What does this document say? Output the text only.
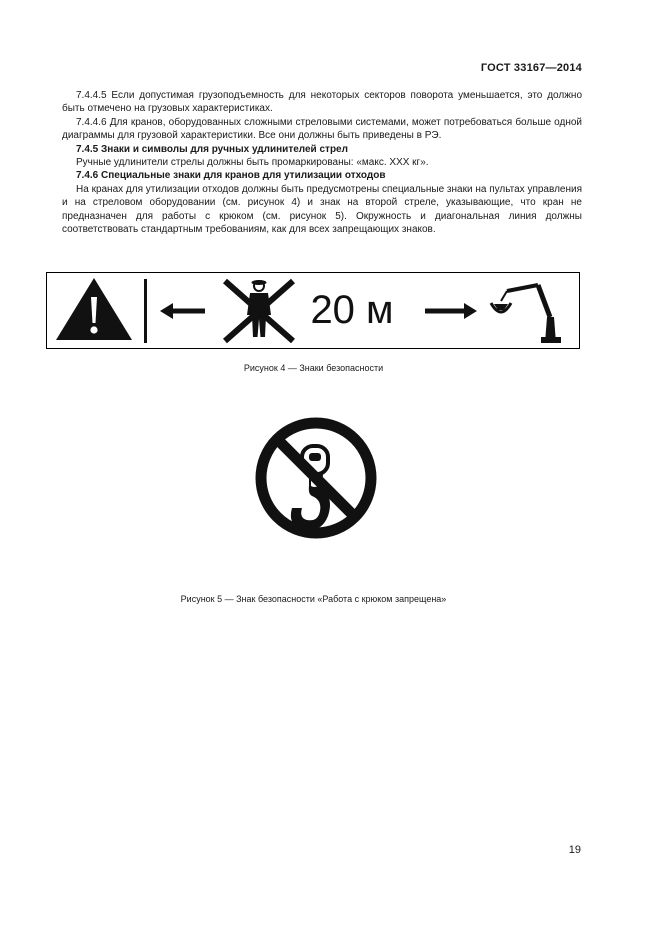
ГОСТ 33167—2014

7.4.4.5 Если допустимая грузоподъемность для некоторых секторов поворота уменьшается, это должно быть отмечено на грузовых характеристиках.

7.4.4.6 Для кранов, оборудованных сложными стреловыми системами, может потребоваться больше одной диаграммы для грузовой характеристики. Все они должны быть приведены в РЭ.

7.4.5 Знаки и символы для ручных удлинителей стрел

Ручные удлинители стрелы должны быть промаркированы: «макс. XXX кг».

7.4.6 Специальные знаки для кранов для утилизации отходов

На кранах для утилизации отходов должны быть предусмотрены специальные знаки на пультах управления и на стреловом оборудовании (см. рисунок 4) и знак на второй стреле, указывающие, что кран не предназначен для работы с крюком (см. рисунок 5). Окружность и диагональная линия должны соответствовать стандартным требованиям, как для всех запрещающих знаков.

20 м
Рисунок 4 — Знаки безопасности
Рисунок 5 — Знак безопасности «Работа с крюком запрещена»
19
